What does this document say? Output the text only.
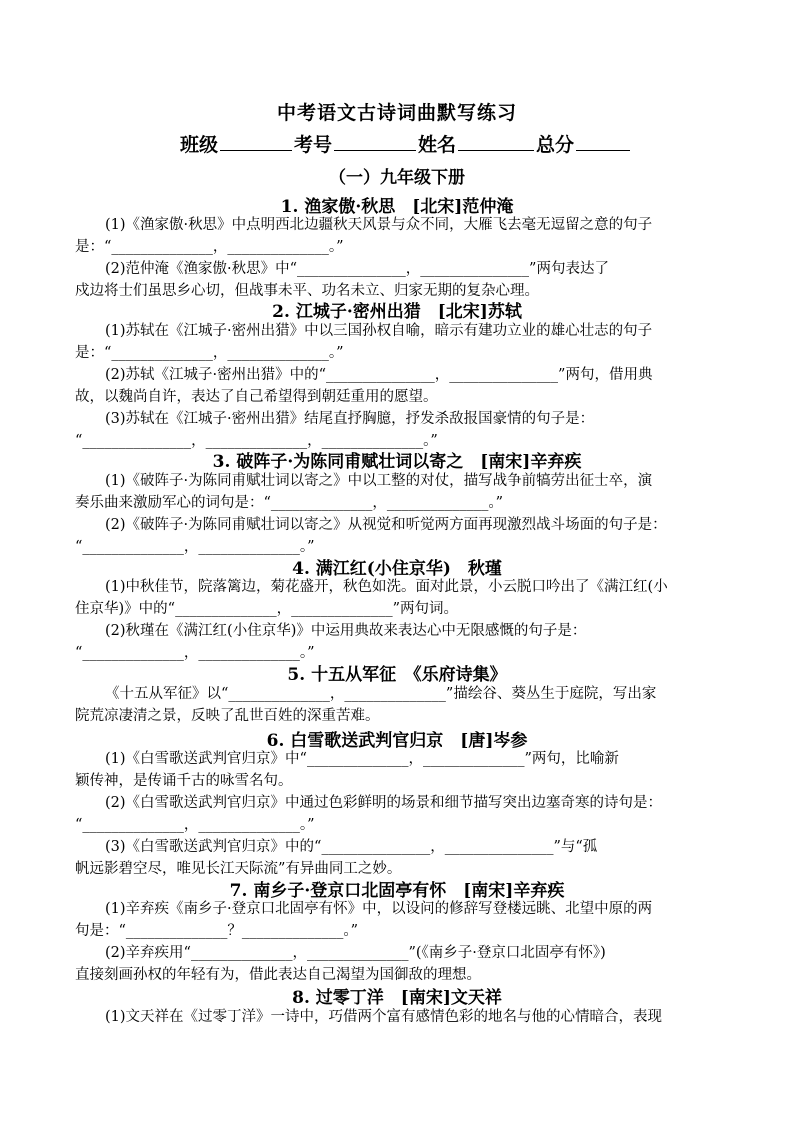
中考语文古诗词曲默写练习
班级	考号	姓名	总分
（一）九年级下册
1. 渔家傲·秋思　[北宋]范仲淹
(1)《渔家傲·秋思》中点明西北边疆秋天风景与众不同，大雁飞去毫无逗留之意的句子
是：“______________，______________。”
(2)范仲淹《渔家傲·秋思》中“_______________，_______________”两句表达了
戍边将士们虽思乡心切，但战事未平、功名未立、归家无期的复杂心理。
2. 江城子·密州出猎　[北宋]苏轼
(1)苏轼在《江城子·密州出猎》中以三国孙权自喻，暗示有建功立业的雄心壮志的句子
是：“______________，______________。”
(2)苏轼《江城子·密州出猎》中的“_______________，_______________”两句，借用典
故，以魏尚自许，表达了自己希望得到朝廷重用的愿望。
(3)苏轼在《江城子·密州出猎》结尾直抒胸臆，抒发杀敌报国豪情的句子是：
“_______________，______________，______________。”
3. 破阵子·为陈同甫赋壮词以寄之　[南宋]辛弃疾
(1)《破阵子·为陈同甫赋壮词以寄之》中以工整的对仗，描写战争前犒劳出征士卒，演
奏乐曲来激励军心的词句是：“______________，______________。”
(2)《破阵子·为陈同甫赋壮词以寄之》从视觉和听觉两方面再现激烈战斗场面的句子是：
“______________，______________。”
4. 满江红(小住京华)　秋瑾
(1)中秋佳节，院落篱边，菊花盛开，秋色如洗。面对此景，小云脱口吟出了《满江红(小
住京华)》中的“______________，______________”两句词。
(2)秋瑾在《满江红(小住京华)》中运用典故来表达心中无限感慨的句子是：
“______________，______________。”
5. 十五从军征　《乐府诗集》
《十五从军征》以“______________，______________”描绘谷、葵丛生于庭院，写出家
院荒凉凄清之景，反映了乱世百姓的深重苦难。
6. 白雪歌送武判官归京　[唐]岑参
(1)《白雪歌送武判官归京》中“______________，______________”两句，比喻新
颖传神，是传诵千古的咏雪名句。
(2)《白雪歌送武判官归京》中通过色彩鲜明的场景和细节描写突出边塞奇寒的诗句是：
“______________，______________。”
(3)《白雪歌送武判官归京》中的“_______________，_______________”与“孤
帆远影碧空尽，唯见长江天际流”有异曲同工之妙。
7. 南乡子·登京口北固亭有怀　[南宋]辛弃疾
(1)辛弃疾《南乡子·登京口北固亭有怀》中，以设问的修辞写登楼远眺、北望中原的两
句是：“______________？______________。”
(2)辛弃疾用“______________，______________”(《南乡子·登京口北固亭有怀》)
直接刻画孙权的年轻有为，借此表达自己渴望为国御敌的理想。
8. 过零丁洋　[南宋]文天祥
(1)文天祥在《过零丁洋》一诗中，巧借两个富有感情色彩的地名与他的心情暗合，表现
